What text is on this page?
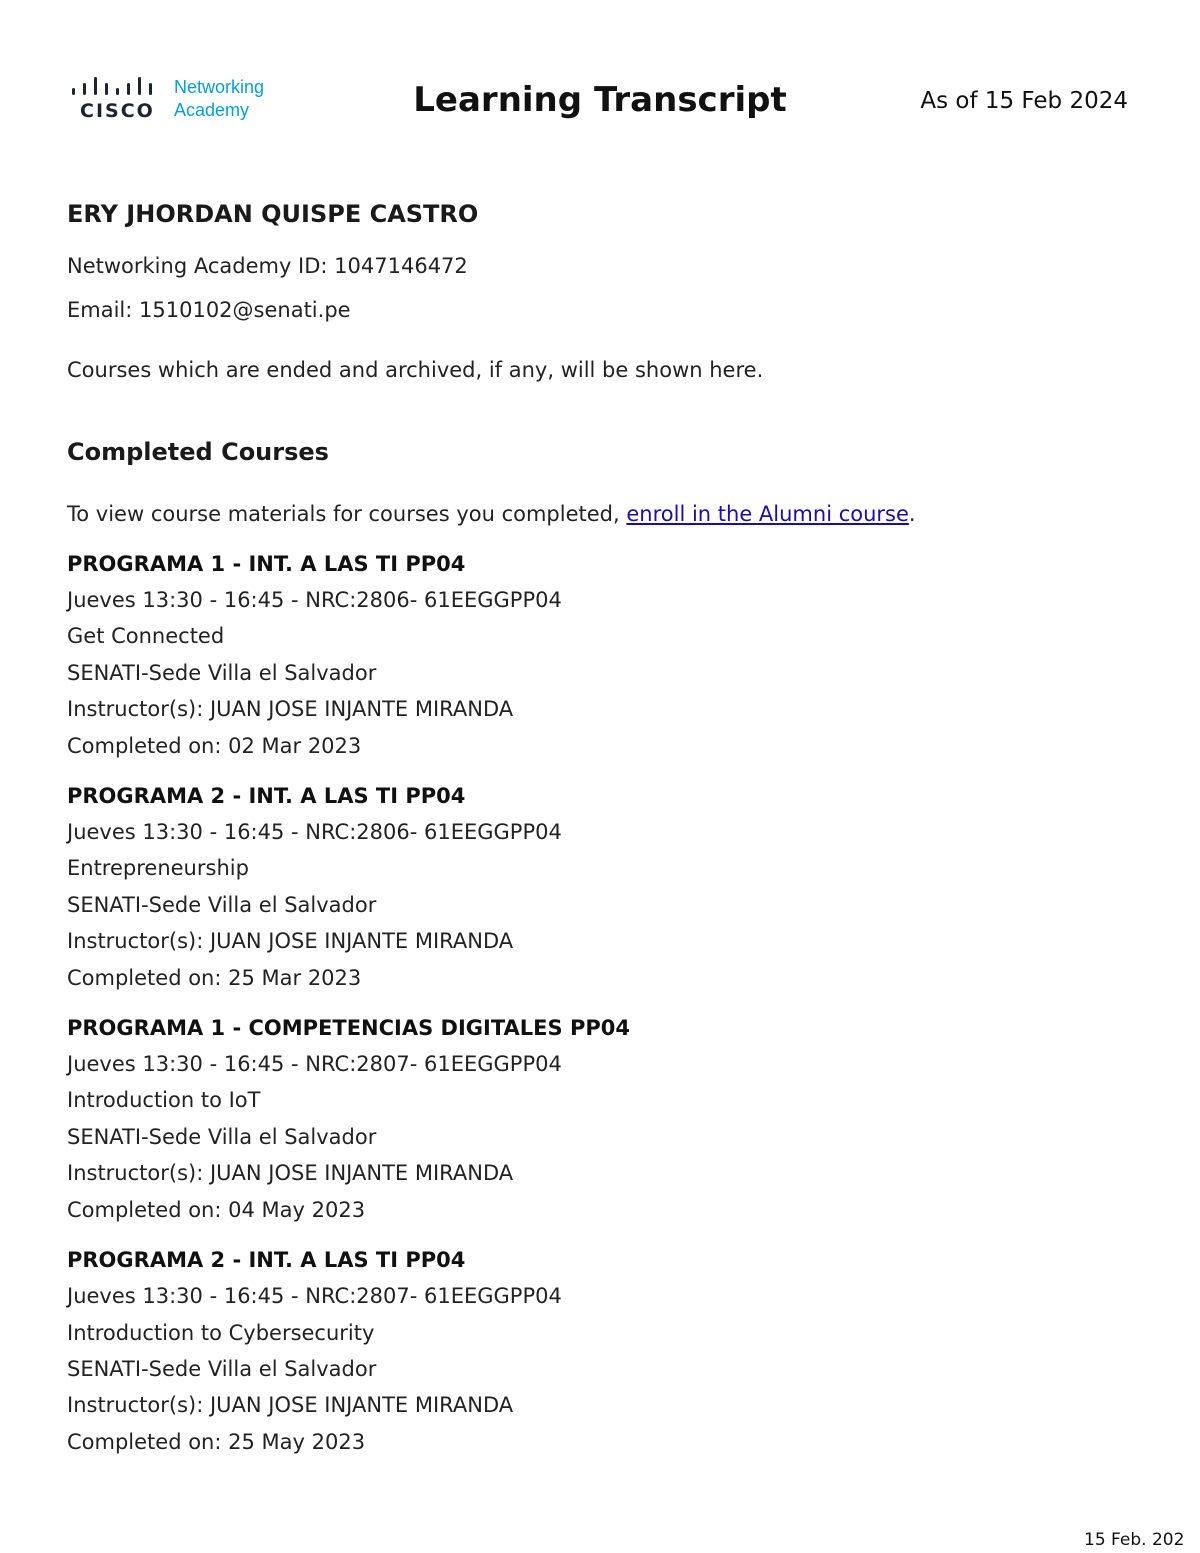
CISCO
Networking
Academy	Learning Transcript	As of 15 Feb 2024
ERY JHORDAN QUISPE CASTRO

Networking Academy ID: 1047146472

Email: 1510102@senati.pe

Courses which are ended and archived, if any, will be shown here.

Completed Courses

To view course materials for courses you completed, enroll in the Alumni course.

PROGRAMA 1 - INT. A LAS TI PP04

Jueves 13:30 - 16:45 - NRC:2806- 61EEGGPP04

Get Connected

SENATI-Sede Villa el Salvador

Instructor(s): JUAN JOSE INJANTE MIRANDA

Completed on: 02 Mar 2023

PROGRAMA 2 - INT. A LAS TI PP04

Jueves 13:30 - 16:45 - NRC:2806- 61EEGGPP04

Entrepreneurship

SENATI-Sede Villa el Salvador

Instructor(s): JUAN JOSE INJANTE MIRANDA

Completed on: 25 Mar 2023

PROGRAMA 1 - COMPETENCIAS DIGITALES PP04

Jueves 13:30 - 16:45 - NRC:2807- 61EEGGPP04

Introduction to IoT

SENATI-Sede Villa el Salvador

Instructor(s): JUAN JOSE INJANTE MIRANDA

Completed on: 04 May 2023

PROGRAMA 2 - INT. A LAS TI PP04

Jueves 13:30 - 16:45 - NRC:2807- 61EEGGPP04

Introduction to Cybersecurity

SENATI-Sede Villa el Salvador

Instructor(s): JUAN JOSE INJANTE MIRANDA

Completed on: 25 May 2023

15 Feb. 202
